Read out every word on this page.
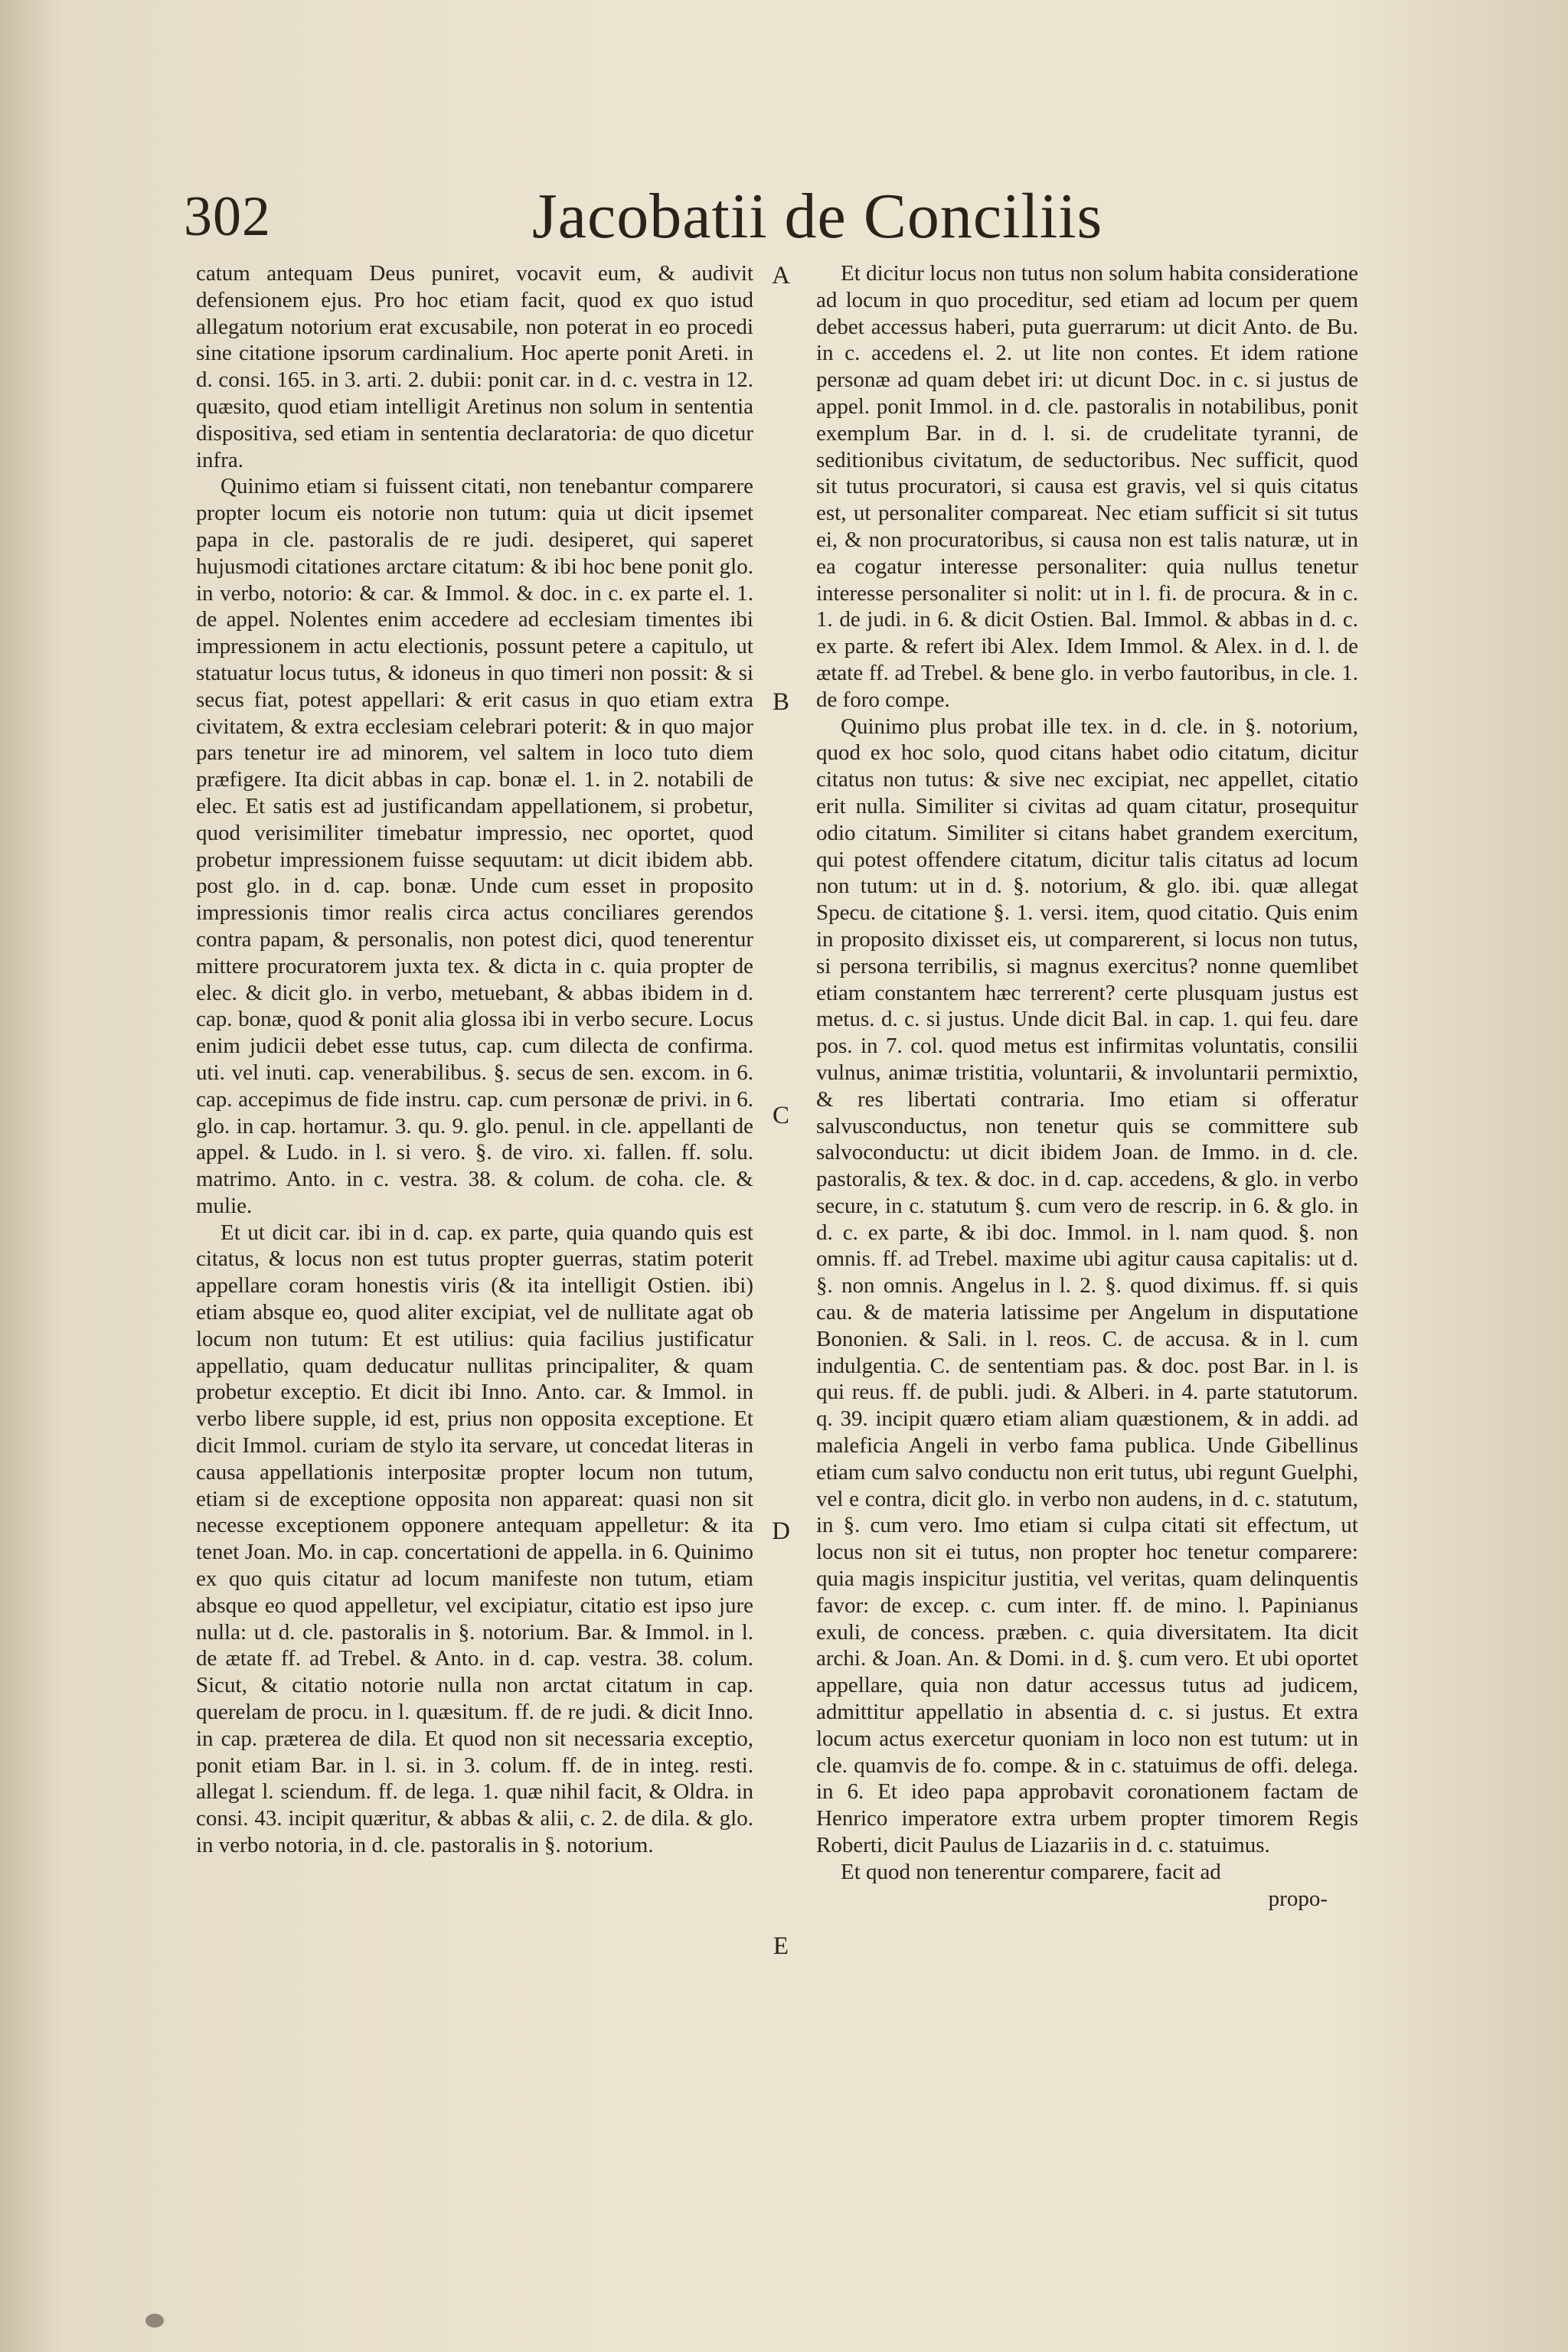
302	Jacobatii de Conciliis

catum antequam Deus puniret, vocavit eum, & audivit defensionem ejus. Pro hoc etiam facit, quod ex quo istud allegatum notorium erat excusabile, non poterat in eo procedi sine citatione ipsorum cardinalium. Hoc aperte ponit Areti. in d. consi. 165. in 3. arti. 2. dubii: ponit car. in d. c. vestra in 12. quæsito, quod etiam intelligit Aretinus non solum in sententia dispositiva, sed etiam in sententia declaratoria: de quo dicetur infra.

Quinimo etiam si fuissent citati, non tenebantur comparere propter locum eis notorie non tutum: quia ut dicit ipsemet papa in cle. pastoralis de re judi. desiperet, qui saperet hujusmodi citationes arctare citatum: & ibi hoc bene ponit glo. in verbo, notorio: & car. & Immol. & doc. in c. ex parte el. 1. de appel. Nolentes enim accedere ad ecclesiam timentes ibi impressionem in actu electionis, possunt petere a capitulo, ut statuatur locus tutus, & idoneus in quo timeri non possit: & si secus fiat, potest appellari: & erit casus in quo etiam extra civitatem, & extra ecclesiam celebrari poterit: & in quo major pars tenetur ire ad minorem, vel saltem in loco tuto diem præfigere. Ita dicit abbas in cap. bonæ el. 1. in 2. notabili de elec. Et satis est ad justificandam appellationem, si probetur, quod verisimiliter timebatur impressio, nec oportet, quod probetur impressionem fuisse sequutam: ut dicit ibidem abb. post glo. in d. cap. bonæ. Unde cum esset in proposito impressionis timor realis circa actus conciliares gerendos contra papam, & personalis, non potest dici, quod tenerentur mittere procuratorem juxta tex. & dicta in c. quia propter de elec. & dicit glo. in verbo, metuebant, & abbas ibidem in d. cap. bonæ, quod & ponit alia glossa ibi in verbo secure. Locus enim judicii debet esse tutus, cap. cum dilecta de confirma. uti. vel inuti. cap. venerabilibus. §. secus de sen. excom. in 6. cap. accepimus de fide instru. cap. cum personæ de privi. in 6. glo. in cap. hortamur. 3. qu. 9. glo. penul. in cle. appellanti de appel. & Ludo. in l. si vero. §. de viro. xi. fallen. ff. solu. matrimo. Anto. in c. vestra. 38. & colum. de coha. cle. & mulie.

Et ut dicit car. ibi in d. cap. ex parte, quia quando quis est citatus, & locus non est tutus propter guerras, statim poterit appellare coram honestis viris (& ita intelligit Ostien. ibi) etiam absque eo, quod aliter excipiat, vel de nullitate agat ob locum non tutum: Et est utilius: quia facilius justificatur appellatio, quam deducatur nullitas principaliter, & quam probetur exceptio. Et dicit ibi Inno. Anto. car. & Immol. in verbo libere supple, id est, prius non opposita exceptione. Et dicit Immol. curiam de stylo ita servare, ut concedat literas in causa appellationis interpositæ propter locum non tutum, etiam si de exceptione opposita non appareat: quasi non sit necesse exceptionem opponere antequam appelletur: & ita tenet Joan. Mo. in cap. concertationi de appella. in 6. Quinimo ex quo quis citatur ad locum manifeste non tutum, etiam absque eo quod appelletur, vel excipiatur, citatio est ipso jure nulla: ut d. cle. pastoralis in §. notorium. Bar. & Immol. in l. de ætate ff. ad Trebel. & Anto. in d. cap. vestra. 38. colum. Sicut, & citatio notorie nulla non arctat citatum in cap. querelam de procu. in l. quæsitum. ff. de re judi. & dicit Inno. in cap. præterea de dila. Et quod non sit necessaria exceptio, ponit etiam Bar. in l. si. in 3. colum. ff. de in integ. resti. allegat l. sciendum. ff. de lega. 1. quæ nihil facit, & Oldra. in consi. 43. incipit quæritur, & abbas & alii, c. 2. de dila. & glo. in verbo notoria, in d. cle. pastoralis in §. notorium.

A
B
C
D
E

Et dicitur locus non tutus non solum habita consideratione ad locum in quo proceditur, sed etiam ad locum per quem debet accessus haberi, puta guerrarum: ut dicit Anto. de Bu. in c. accedens el. 2. ut lite non contes. Et idem ratione personæ ad quam debet iri: ut dicunt Doc. in c. si justus de appel. ponit Immol. in d. cle. pastoralis in notabilibus, ponit exemplum Bar. in d. l. si. de crudelitate tyranni, de seditionibus civitatum, de seductoribus. Nec sufficit, quod sit tutus procuratori, si causa est gravis, vel si quis citatus est, ut personaliter compareat. Nec etiam sufficit si sit tutus ei, & non procuratoribus, si causa non est talis naturæ, ut in ea cogatur interesse personaliter: quia nullus tenetur interesse personaliter si nolit: ut in l. fi. de procura. & in c. 1. de judi. in 6. & dicit Ostien. Bal. Immol. & abbas in d. c. ex parte. & refert ibi Alex. Idem Immol. & Alex. in d. l. de ætate ff. ad Trebel. & bene glo. in verbo fautoribus, in cle. 1. de foro compe.

Quinimo plus probat ille tex. in d. cle. in §. notorium, quod ex hoc solo, quod citans habet odio citatum, dicitur citatus non tutus: & sive nec excipiat, nec appellet, citatio erit nulla. Similiter si civitas ad quam citatur, prosequitur odio citatum. Similiter si citans habet grandem exercitum, qui potest offendere citatum, dicitur talis citatus ad locum non tutum: ut in d. §. notorium, & glo. ibi. quæ allegat Specu. de citatione §. 1. versi. item, quod citatio. Quis enim in proposito dixisset eis, ut comparerent, si locus non tutus, si persona terribilis, si magnus exercitus? nonne quemlibet etiam constantem hæc terrerent? certe plusquam justus est metus. d. c. si justus. Unde dicit Bal. in cap. 1. qui feu. dare pos. in 7. col. quod metus est infirmitas voluntatis, consilii vulnus, animæ tristitia, voluntarii, & involuntarii permixtio, & res libertati contraria. Imo etiam si offeratur salvusconductus, non tenetur quis se committere sub salvoconductu: ut dicit ibidem Joan. de Immo. in d. cle. pastoralis, & tex. & doc. in d. cap. accedens, & glo. in verbo secure, in c. statutum §. cum vero de rescrip. in 6. & glo. in d. c. ex parte, & ibi doc. Immol. in l. nam quod. §. non omnis. ff. ad Trebel. maxime ubi agitur causa capitalis: ut d. §. non omnis. Angelus in l. 2. §. quod diximus. ff. si quis cau. & de materia latissime per Angelum in disputatione Bononien. & Sali. in l. reos. C. de accusa. & in l. cum indulgentia. C. de sententiam pas. & doc. post Bar. in l. is qui reus. ff. de publi. judi. & Alberi. in 4. parte statutorum. q. 39. incipit quæro etiam aliam quæstionem, & in addi. ad maleficia Angeli in verbo fama publica. Unde Gibellinus etiam cum salvo conductu non erit tutus, ubi regunt Guelphi, vel e contra, dicit glo. in verbo non audens, in d. c. statutum, in §. cum vero. Imo etiam si culpa citati sit effectum, ut locus non sit ei tutus, non propter hoc tenetur comparere: quia magis inspicitur justitia, vel veritas, quam delinquentis favor: de excep. c. cum inter. ff. de mino. l. Papinianus exuli, de concess. præben. c. quia diversitatem. Ita dicit archi. & Joan. An. & Domi. in d. §. cum vero. Et ubi oportet appellare, quia non datur accessus tutus ad judicem, admittitur appellatio in absentia d. c. si justus. Et extra locum actus exercetur quoniam in loco non est tutum: ut in cle. quamvis de fo. compe. & in c. statuimus de offi. delega. in 6. Et ideo papa approbavit coronationem factam de Henrico imperatore extra urbem propter timorem Regis Roberti, dicit Paulus de Liazariis in d. c. statuimus.

Et quod non tenerentur comparere, facit ad

propo-
